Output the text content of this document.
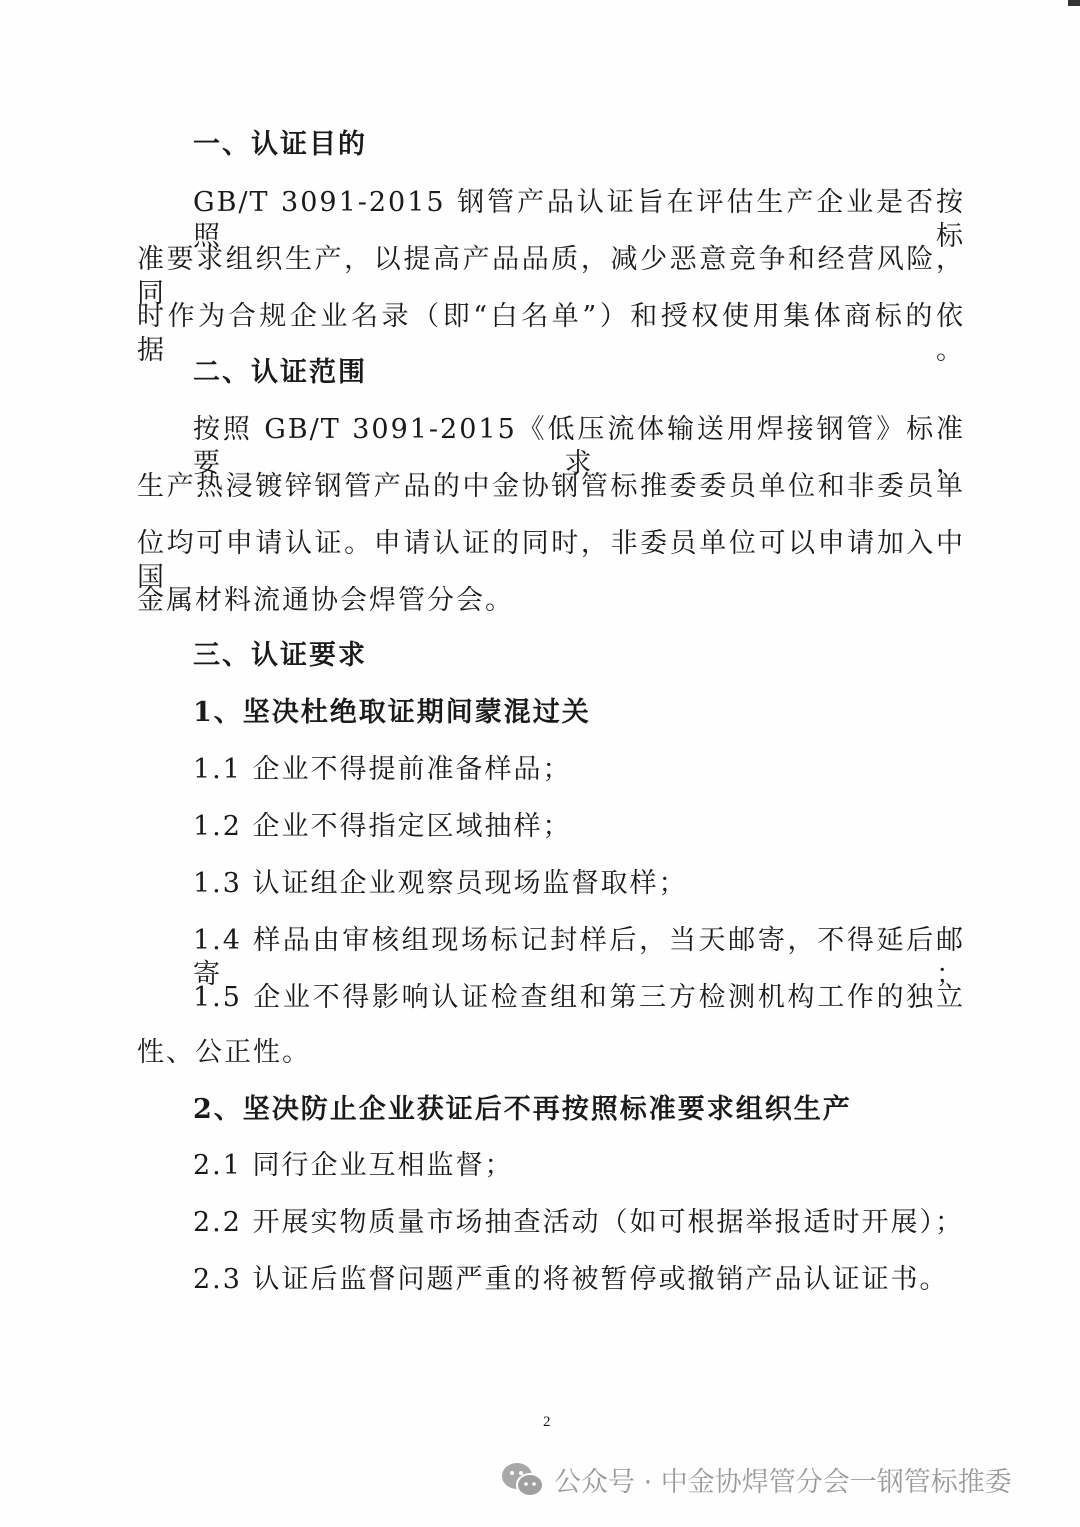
一、认证目的
GB/T 3091-2015 钢管产品认证旨在评估生产企业是否按照标
准要求组织生产，以提高产品品质，减少恶意竞争和经营风险，同
时作为合规企业名录（即“白名单”）和授权使用集体商标的依据。
二、认证范围
按照 GB/T 3091-2015《低压流体输送用焊接钢管》标准要求，
生产热浸镀锌钢管产品的中金协钢管标推委委员单位和非委员单
位均可申请认证。申请认证的同时，非委员单位可以申请加入中国
金属材料流通协会焊管分会。
三、认证要求
1、坚决杜绝取证期间蒙混过关
1.1 企业不得提前准备样品；
1.2 企业不得指定区域抽样；
1.3 认证组企业观察员现场监督取样；
1.4 样品由审核组现场标记封样后，当天邮寄，不得延后邮寄；
1.5 企业不得影响认证检查组和第三方检测机构工作的独立
性、公正性。
2、坚决防止企业获证后不再按照标准要求组织生产
2.1 同行企业互相监督；
2.2 开展实物质量市场抽查活动（如可根据举报适时开展）；
2.3 认证后监督问题严重的将被暂停或撤销产品认证证书。
2
公众号 · 中金协焊管分会一钢管标推委
